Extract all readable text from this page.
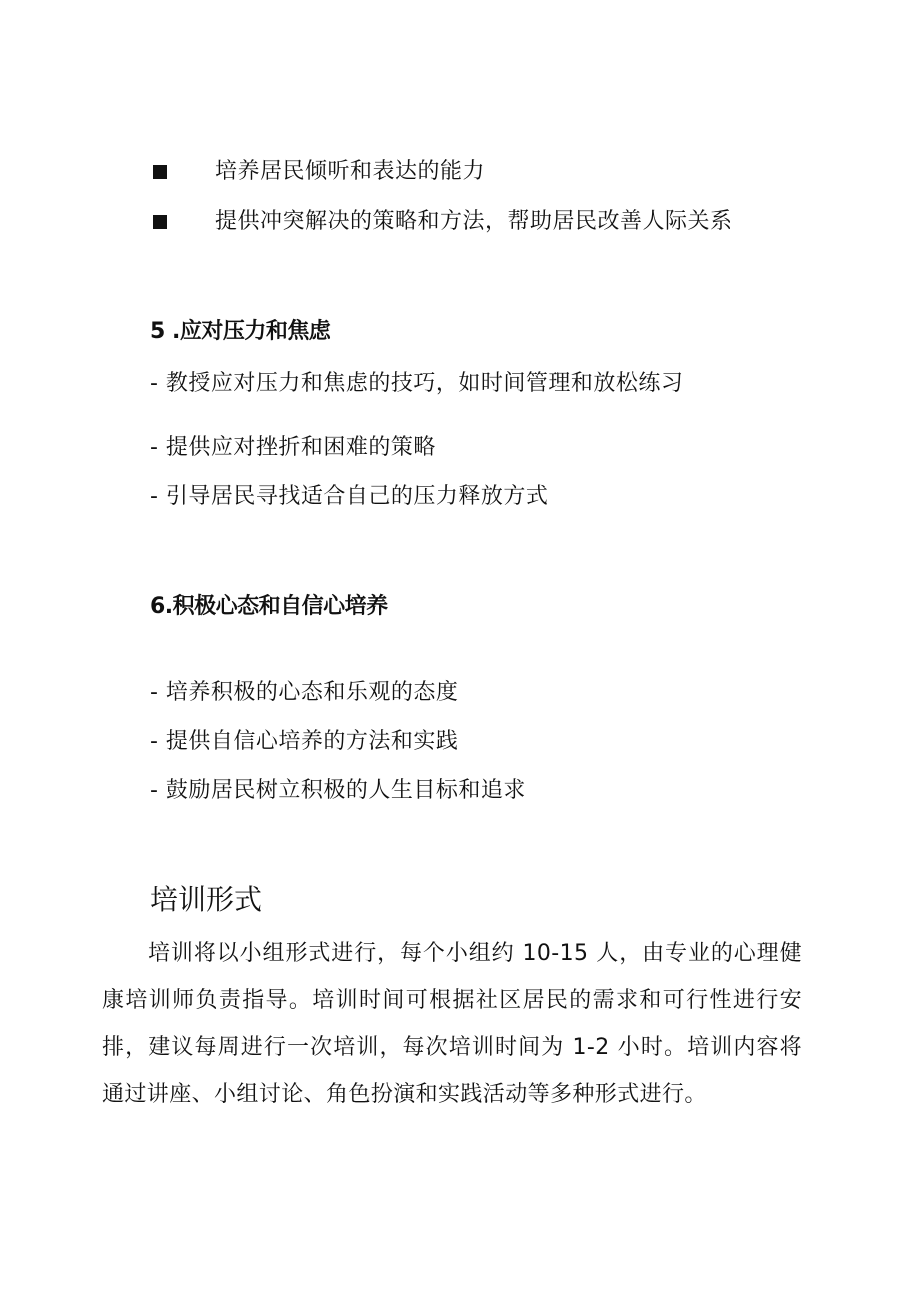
培养居民倾听和表达的能力
提供冲突解决的策略和方法，帮助居民改善人际关系
5 .应对压力和焦虑
- 教授应对压力和焦虑的技巧，如时间管理和放松练习
- 提供应对挫折和困难的策略
- 引导居民寻找适合自己的压力释放方式
6.积极心态和自信心培养
- 培养积极的心态和乐观的态度
- 提供自信心培养的方法和实践
- 鼓励居民树立积极的人生目标和追求
培训形式
培训将以小组形式进行，每个小组约 10-15 人，由专业的心理健康培训师负责指导。培训时间可根据社区居民的需求和可行性进行安排，建议每周进行一次培训，每次培训时间为 1-2 小时。培训内容将通过讲座、小组讨论、角色扮演和实践活动等多种形式进行。
